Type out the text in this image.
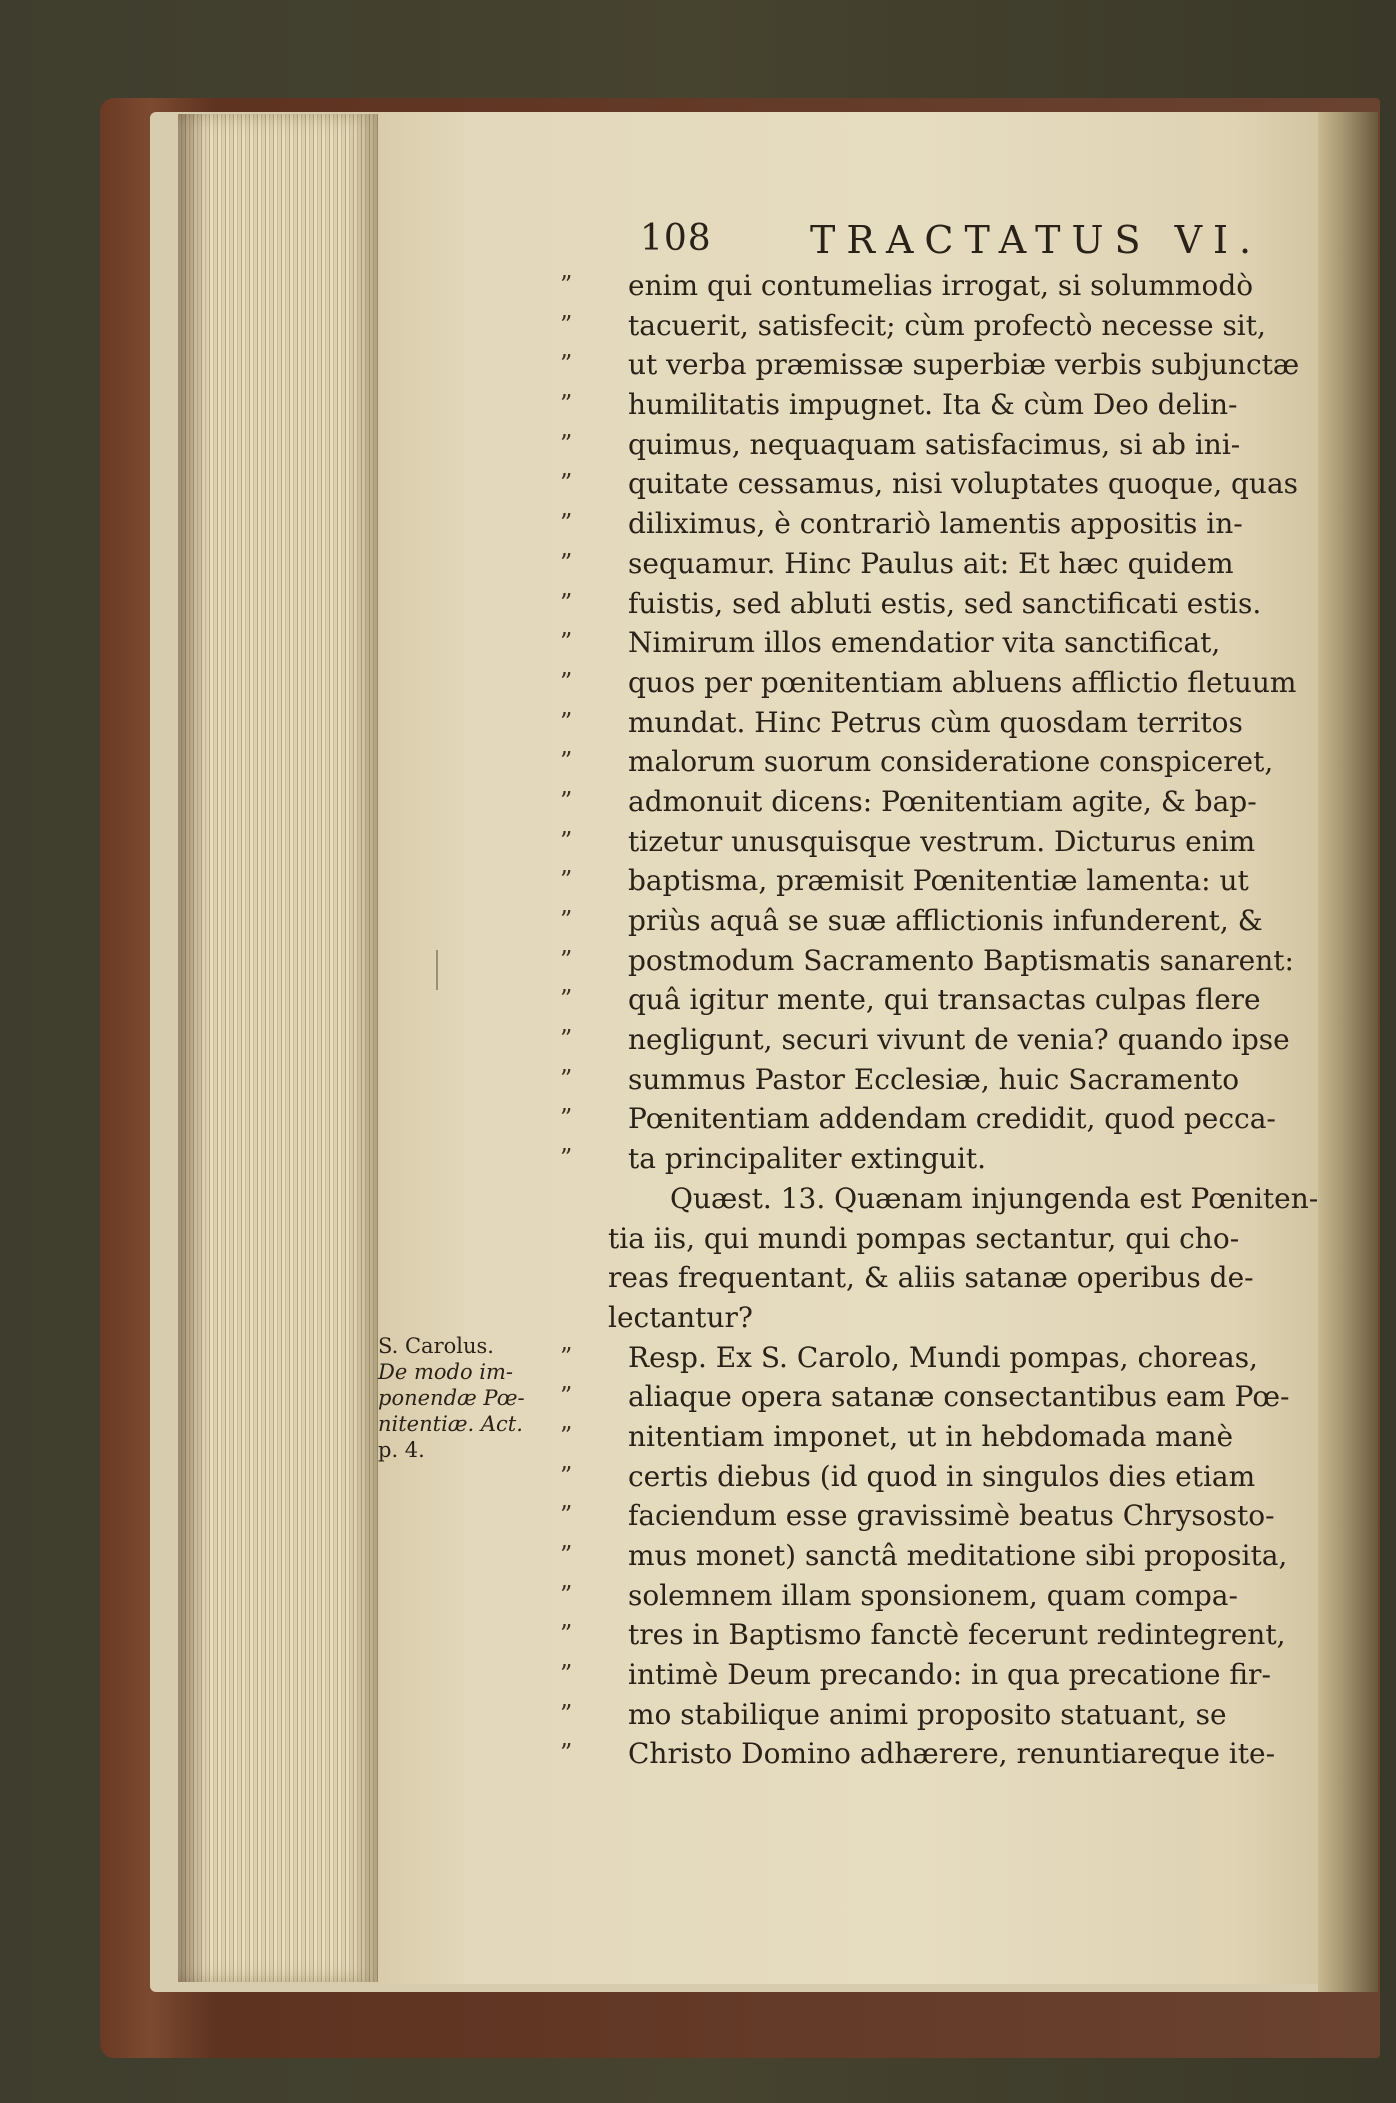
S. Carolus.
De modo im-
ponendæ Pœ-
nitentiæ. Act.
p. 4.
108	TRACTATUS VI.
”	enim qui contumelias irrogat, si solummodò
”	tacuerit, satisfecit; cùm profectò necesse sit,
”	ut verba præmissæ superbiæ verbis subjunctæ
”	humilitatis impugnet. Ita & cùm Deo delin-
”	quimus, nequaquam satisfacimus, si ab ini-
”	quitate cessamus, nisi voluptates quoque, quas
”	diliximus, è contrariò lamentis appositis in-
”	sequamur. Hinc Paulus ait: Et hæc quidem
”	fuistis, sed abluti estis, sed sanctificati estis.
”	Nimirum illos emendatior vita sanctificat,
”	quos per pœnitentiam abluens afflictio fletuum
”	mundat. Hinc Petrus cùm quosdam territos
”	malorum suorum consideratione conspiceret,
”	admonuit dicens: Pœnitentiam agite, & bap-
”	tizetur unusquisque vestrum. Dicturus enim
”	baptisma, præmisit Pœnitentiæ lamenta: ut
”	priùs aquâ se suæ afflictionis infunderent, &
”	postmodum Sacramento Baptismatis sanarent:
”	quâ igitur mente, qui transactas culpas flere
”	negligunt, securi vivunt de venia? quando ipse
”	summus Pastor Ecclesiæ, huic Sacramento
”	Pœnitentiam addendam credidit, quod pecca-
”	ta principaliter extinguit.
Quæst. 13. Quænam injungenda est Pœniten-
tia iis, qui mundi pompas sectantur, qui cho-
reas frequentant, & aliis satanæ operibus de-
lectantur?
”	Resp. Ex S. Carolo, Mundi pompas, choreas,
”	aliaque opera satanæ consectantibus eam Pœ-
”	nitentiam imponet, ut in hebdomada manè
”	certis diebus (id quod in singulos dies etiam
”	faciendum esse gravissimè beatus Chrysosto-
”	mus monet) sanctâ meditatione sibi proposita,
”	solemnem illam sponsionem, quam compa-
”	tres in Baptismo fanctè fecerunt redintegrent,
”	intimè Deum precando: in qua precatione fir-
”	mo stabilique animi proposito statuant, se
”	Christo Domino adhærere, renuntiareque ite-
